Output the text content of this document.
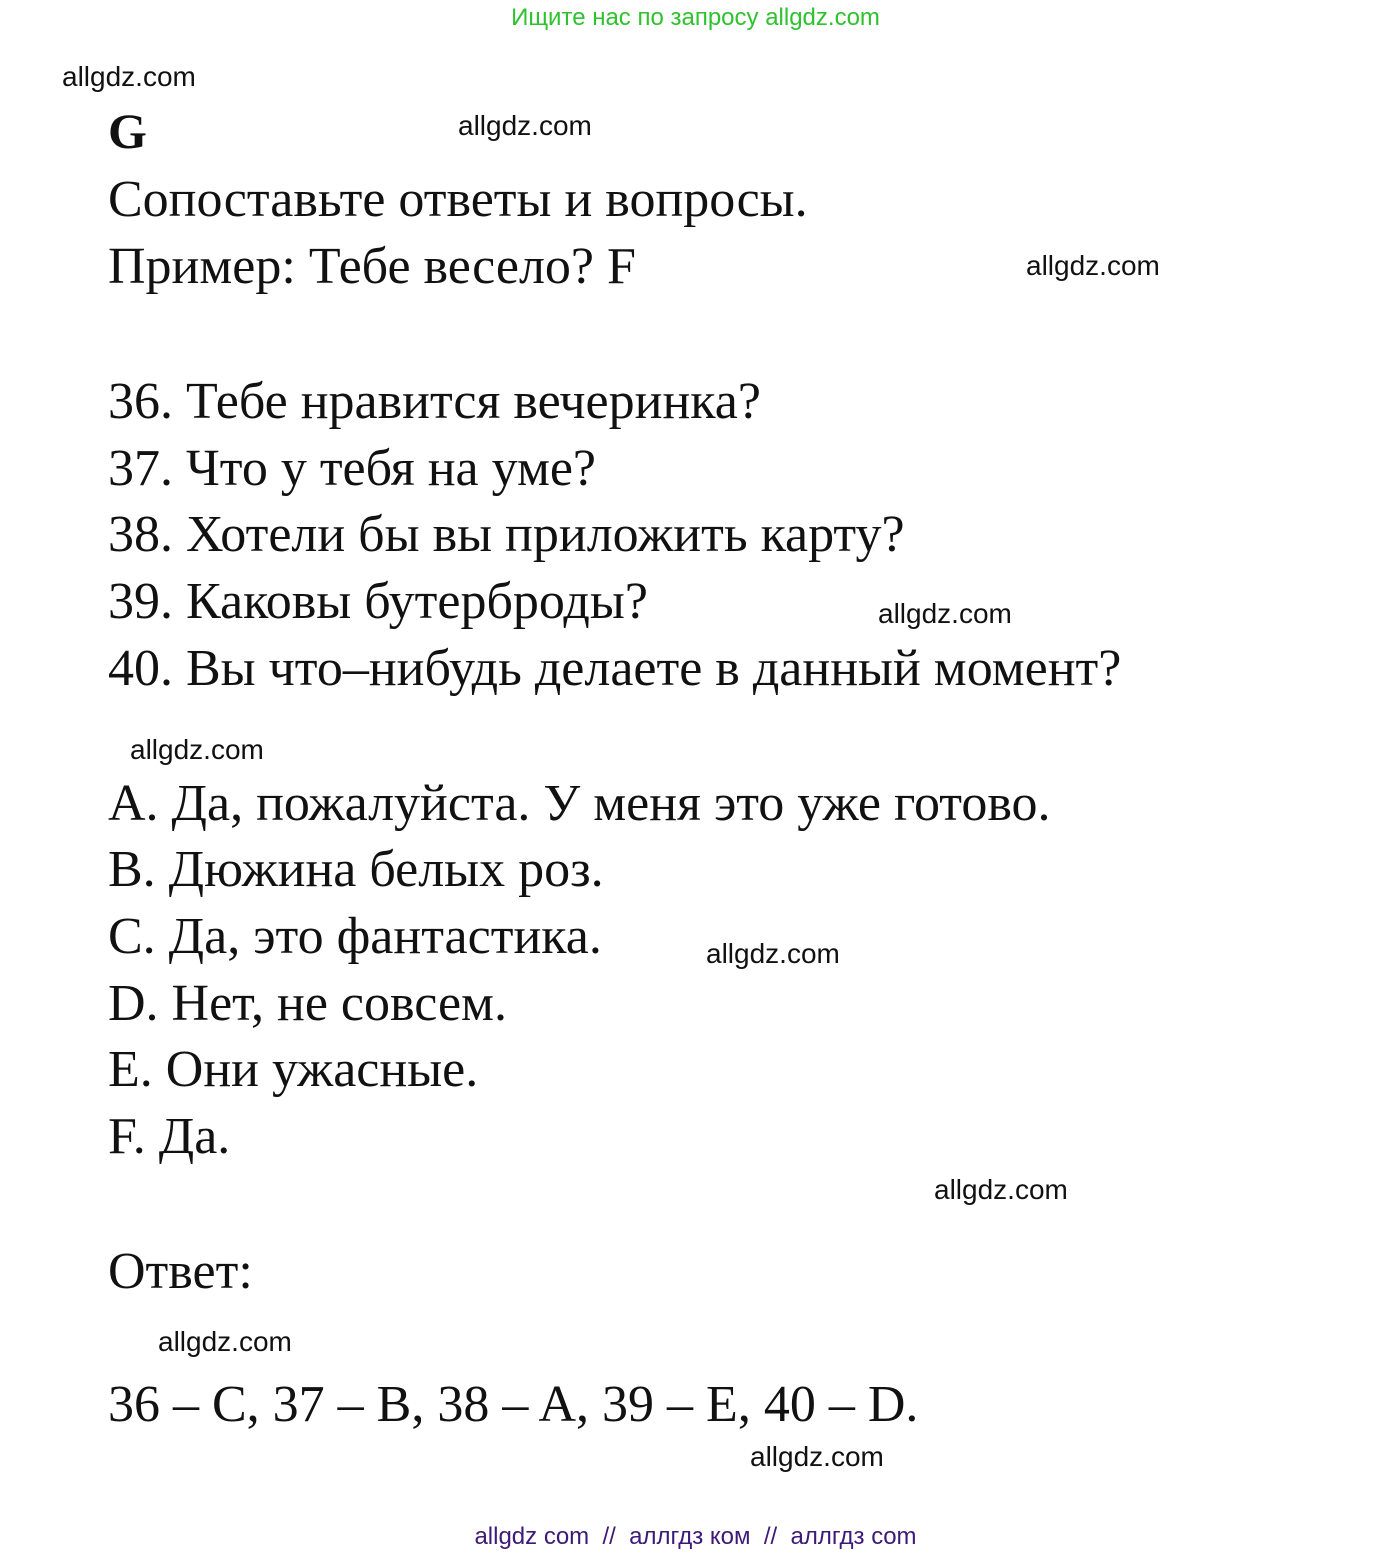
Ищите нас по запросу allgdz.com
allgdz.com
allgdz.com
allgdz.com
allgdz.com
allgdz.com
allgdz.com
allgdz.com
allgdz.com
allgdz.com
G
Сопоставьте ответы и вопросы.
Пример: Тебе весело? F
36. Тебе нравится вечеринка?
37. Что у тебя на уме?
38. Хотели бы вы приложить карту?
39. Каковы бутерброды?
40. Вы что–нибудь делаете в данный момент?
A. Да, пожалуйста. У меня это уже готово.
B. Дюжина белых роз.
C. Да, это фантастика.
D. Нет, не совсем.
E. Они ужасные.
F. Да.
Ответ:
36 – C, 37 – B, 38 – A, 39 – E, 40 – D.
allgdz com  //  аллгдз ком  //  аллгдз com
